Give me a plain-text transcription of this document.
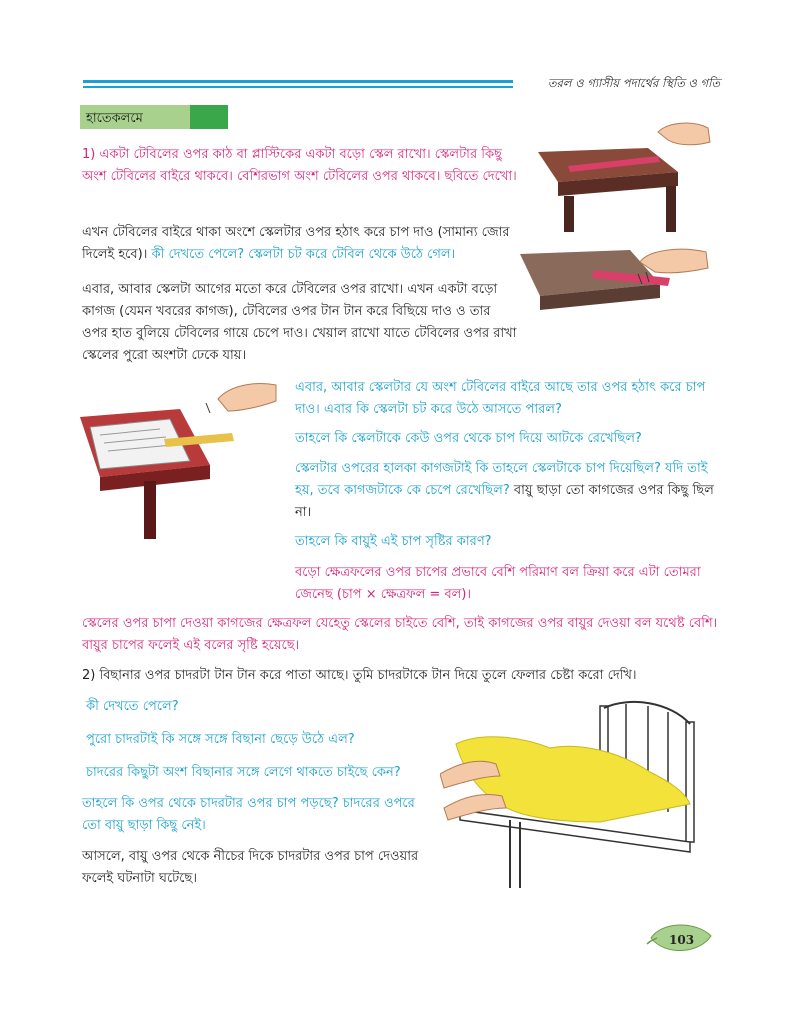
তরল ও গ্যাসীয় পদার্থের স্থিতি ও গতি
হাতেকলমে
1) একটা টেবিলের ওপর কাঠ বা প্লাস্টিকের একটা বড়ো স্কেল রাখো। স্কেলটার কিছু অংশ টেবিলের বাইরে থাকবে। বেশিরভাগ অংশ টেবিলের ওপর থাকবে। ছবিতে দেখো।
এখন টেবিলের বাইরে থাকা অংশে স্কেলটার ওপর হঠাৎ করে চাপ দাও (সামান্য জোর দিলেই হবে)। কী দেখতে পেলে? স্কেলটা চট করে টেবিল থেকে উঠে গেল।
এবার, আবার স্কেলটা আগের মতো করে টেবিলের ওপর রাখো। এখন একটা বড়ো কাগজ (যেমন খবরের কাগজ), টেবিলের ওপর টান টান করে বিছিয়ে দাও ও তার ওপর হাত বুলিয়ে টেবিলের গায়ে চেপে দাও। খেয়াল রাখো যাতে টেবিলের ওপর রাখা স্কেলের পুরো অংশটা ঢেকে যায়।
এবার, আবার স্কেলটার যে অংশ টেবিলের বাইরে আছে তার ওপর হঠাৎ করে চাপ দাও। এবার কি স্কেলটা চট করে উঠে আসতে পারল?
তাহলে কি স্কেলটাকে কেউ ওপর থেকে চাপ দিয়ে আটকে রেখেছিল?
স্কেলটার ওপরের হালকা কাগজটাই কি তাহলে স্কেলটাকে চাপ দিয়েছিল? যদি তাই হয়, তবে কাগজটাকে কে চেপে রেখেছিল? বায়ু ছাড়া তো কাগজের ওপর কিছু ছিল না।
তাহলে কি বায়ুই এই চাপ সৃষ্টির কারণ?
বড়ো ক্ষেত্রফলের ওপর চাপের প্রভাবে বেশি পরিমাণ বল ক্রিয়া করে এটা তোমরা জেনেছ (চাপ × ক্ষেত্রফল = বল)।
স্কেলের ওপর চাপা দেওয়া কাগজের ক্ষেত্রফল যেহেতু স্কেলের চাইতে বেশি, তাই কাগজের ওপর বায়ুর দেওয়া বল যথেষ্ট বেশি। বায়ুর চাপের ফলেই এই বলের সৃষ্টি হয়েছে।
2) বিছানার ওপর চাদরটা টান টান করে পাতা আছে। তুমি চাদরটাকে টান দিয়ে তুলে ফেলার চেষ্টা করো দেখি।
কী দেখতে পেলে?
পুরো চাদরটাই কি সঙ্গে সঙ্গে বিছানা ছেড়ে উঠে এল?
চাদরের কিছুটা অংশ বিছানার সঙ্গে লেগে থাকতে চাইছে কেন?
তাহলে কি ওপর থেকে চাদরটার ওপর চাপ পড়ছে? চাদরের ওপরে তো বায়ু ছাড়া কিছু নেই।
আসলে, বায়ু ওপর থেকে নীচের দিকে চাদরটার ওপর চাপ দেওয়ার ফলেই ঘটনাটা ঘটেছে।
103
